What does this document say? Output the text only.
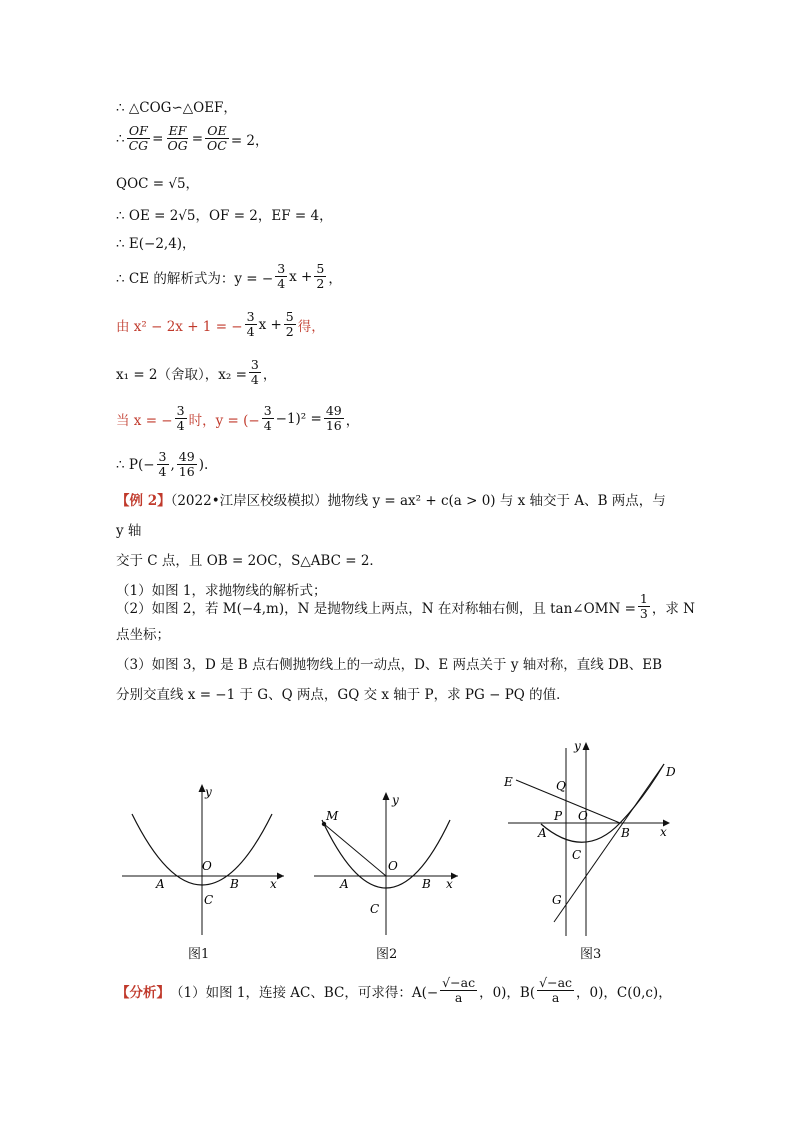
∴ △COG∽△OEF，
∴ $\frac{OF}{CG} = \frac{EF}{OG} = \frac{OE}{OC} = 2$，
QOC = √5，
∴ OE = 2√5，OF = 2，EF = 4，
∴ E(−2,4)，
∴ CE 的解析式为：y = − $\frac{3}{4}$ $x + \frac{5}{2}$ ，
由 x² − 2x + 1 = − $\frac{3}{4}$ $x + \frac{5}{2}$ 得，
x₁ = 2（舍取），$x_2 = \frac{3}{4}$ ，
当 x = − $\frac{3}{4}$ 时，y = (− $\frac{3}{4} -1)^2 = \frac{49}{16}$ ，
∴ $P(- \frac{3}{4}$ , $\frac{49}{16}$ ).
【例 2】（2022•江岸区校级模拟）抛物线 y = ax² + c(a > 0) 与 x 轴交于 A、B 两点，与 y 轴
交于 C 点，且 OB = 2OC，S△ABC = 2．
（1）如图 1，求抛物线的解析式；
（2）如图 2，若 M(−4,m)，N 是抛物线上两点，N 在对称轴右侧，且 tan∠OMN = $\frac{1}{3}$ ，求 N
点坐标；
（3）如图 3，D 是 B 点右侧抛物线上的一动点，D、E 两点关于 y 轴对称，直线 DB、EB
分别交直线 x = −1 于 G、Q 两点，GQ 交 x 轴于 P，求 PG − PQ 的值．
y
x
O
A	B
C
图1
y
x
O
A	B
C
M
图2
y
x
O
A	B
C
D
E
P
Q
G
图3
【分析】 （1）如图 1，连接 AC、BC，可求得：$A(- \frac{√-ac}{a}$ ，0)，$B( \frac{√-ac}{a}$ ，0)，C(0,c)，
